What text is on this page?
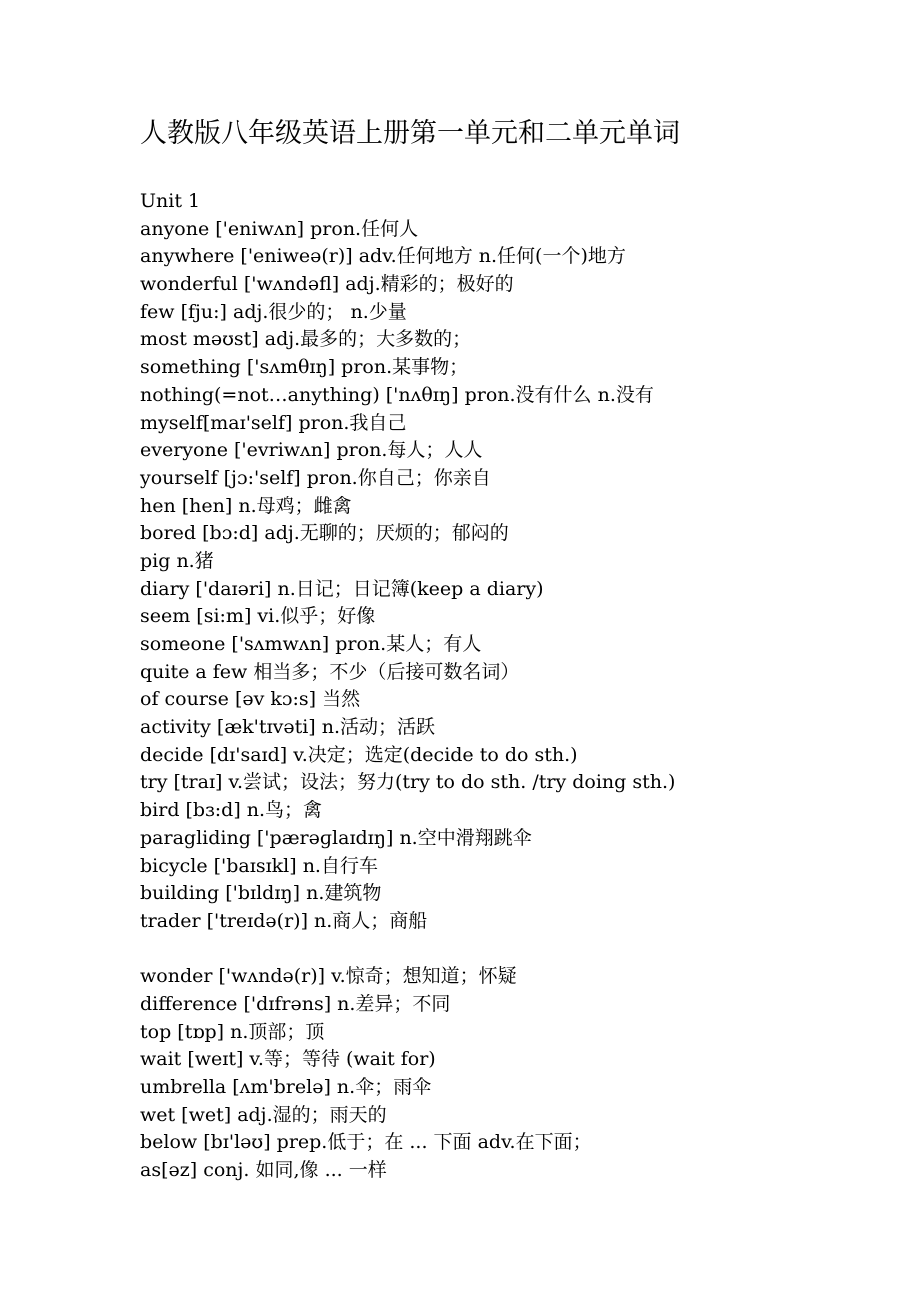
人教版八年级英语上册第一单元和二单元单词
Unit 1
anyone ['eniwʌn] pron.任何人
anywhere ['eniweə(r)] adv.任何地方 n.任何(一个)地方
wonderful ['wʌndəfl] adj.精彩的；极好的
few [fju:] adj.很少的； n.少量
most məʊst] adj.最多的；大多数的；
something ['sʌmθɪŋ] pron.某事物；
nothing(=not…anything) ['nʌθɪŋ] pron.没有什么 n.没有
myself[maɪ'self] pron.我自己
everyone ['evriwʌn] pron.每人；人人
yourself [jɔ:'self] pron.你自己；你亲自
hen [hen] n.母鸡；雌禽
bored [bɔ:d] adj.无聊的；厌烦的；郁闷的
pig n.猪
diary ['daɪəri] n.日记；日记簿(keep a diary)
seem [si:m] vi.似乎；好像
someone ['sʌmwʌn] pron.某人；有人
quite a few 相当多；不少（后接可数名词）
of course [əv kɔ:s] 当然
activity [æk'tɪvəti] n.活动；活跃
decide [dɪ'saɪd] v.决定；选定(decide to do sth.)
try [traɪ] v.尝试；设法；努力(try to do sth. /try doing sth.)
bird [bɜ:d] n.鸟；禽
paragliding ['pærəɡlaɪdɪŋ] n.空中滑翔跳伞
bicycle ['baɪsɪkl] n.自行车
building ['bɪldɪŋ] n.建筑物
trader ['treɪdə(r)] n.商人；商船
wonder ['wʌndə(r)] v.惊奇；想知道；怀疑
difference ['dɪfrəns] n.差异；不同
top [tɒp] n.顶部；顶
wait [weɪt] v.等；等待 (wait for)
umbrella [ʌm'brelə] n.伞；雨伞
wet [wet] adj.湿的；雨天的
below [bɪ'ləʊ] prep.低于；在 ... 下面 adv.在下面；
as[əz] conj. 如同,像 ... 一样
